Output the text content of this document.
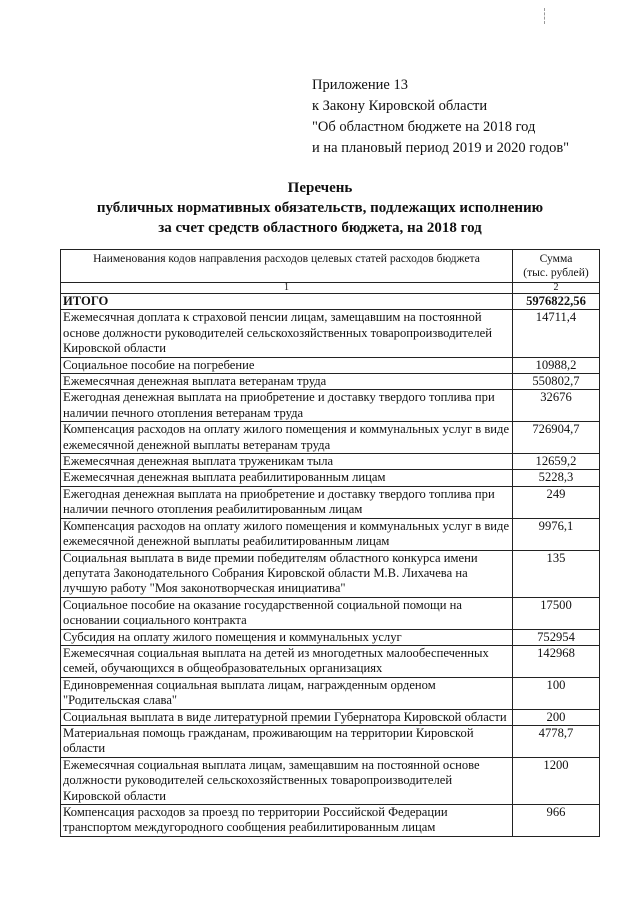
Приложение 13
к Закону Кировской области
"Об областном бюджете на 2018 год
и на плановый период 2019 и 2020 годов"
Перечень
публичных нормативных обязательств, подлежащих исполнению
за счет средств областного бюджета, на 2018 год
Наименования кодов направления расходов целевых статей расходов бюджета	Сумма
(тыс. рублей)

1	2
ИТОГО	5976822,56
Ежемесячная доплата к страховой пенсии лицам, замещавшим на постоянной основе должности руководителей сельскохозяйственных товаропроизводителей Кировской области	14711,4
Социальное пособие на погребение	10988,2
Ежемесячная денежная выплата ветеранам труда	550802,7
Ежегодная денежная выплата на приобретение и доставку твердого топлива при наличии печного отопления ветеранам труда	32676
Компенсация расходов на оплату жилого помещения и коммунальных услуг в виде ежемесячной денежной выплаты ветеранам труда	726904,7
Ежемесячная денежная выплата труженикам тыла	12659,2
Ежемесячная денежная выплата реабилитированным лицам	5228,3
Ежегодная денежная выплата на приобретение и доставку твердого топлива при наличии печного отопления реабилитированным лицам	249
Компенсация расходов на оплату жилого помещения и коммунальных услуг в виде ежемесячной денежной выплаты реабилитированным лицам	9976,1
Социальная выплата в виде премии победителям областного конкурса имени депутата Законодательного Собрания Кировской области М.В. Лихачева на лучшую работу "Моя законотворческая инициатива"	135
Социальное пособие на оказание государственной социальной помощи на основании социального контракта	17500
Субсидия на оплату жилого помещения и коммунальных услуг	752954
Ежемесячная социальная выплата на детей из многодетных малообеспеченных семей, обучающихся в общеобразовательных организациях	142968
Единовременная социальная выплата лицам, награжденным орденом "Родительская слава"	100
Социальная выплата в виде литературной премии Губернатора Кировской области	200
Материальная помощь гражданам, проживающим на территории Кировской области	4778,7
Ежемесячная социальная выплата лицам, замещавшим на постоянной основе должности руководителей сельскохозяйственных товаропроизводителей Кировской области	1200
Компенсация расходов за проезд по территории Российской Федерации транспортом междугородного сообщения реабилитированным лицам	966
